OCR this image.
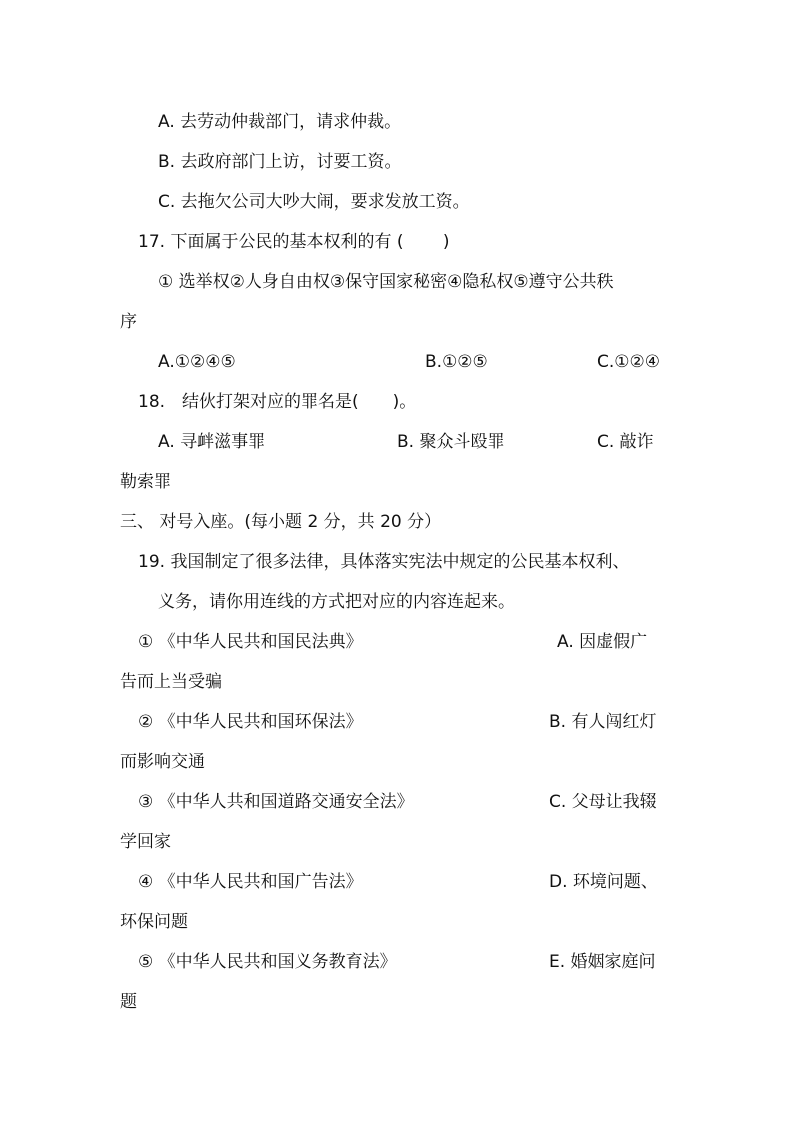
A. 去劳动仲裁部门，请求仲裁。
B. 去政府部门上访，讨要工资。
C. 去拖欠公司大吵大闹，要求发放工资。
17. 下面属于公民的基本权利的有 (　　 )
① 选举权②人身自由权③保守国家秘密④隐私权⑤遵守公共秩
序
A.①②④⑤	B.①②⑤	C.①②④
18.　结伙打架对应的罪名是(　　)。
A. 寻衅滋事罪	B. 聚众斗殴罪	C. 敲诈
勒索罪
三、 对号入座。(每小题 2 分，共 20 分）
19. 我国制定了很多法律，具体落实宪法中规定的公民基本权利、
义务，请你用连线的方式把对应的内容连起来。
① 《中华人民共和国民法典》	A. 因虚假广
告而上当受骗
② 《中华人民共和国环保法》	B. 有人闯红灯
而影响交通
③ 《中华人共和国道路交通安全法》	C. 父母让我辍
学回家
④ 《中华人民共和国广告法》	D. 环境问题、
环保问题
⑤ 《中华人民共和国义务教育法》	E. 婚姻家庭问
题
